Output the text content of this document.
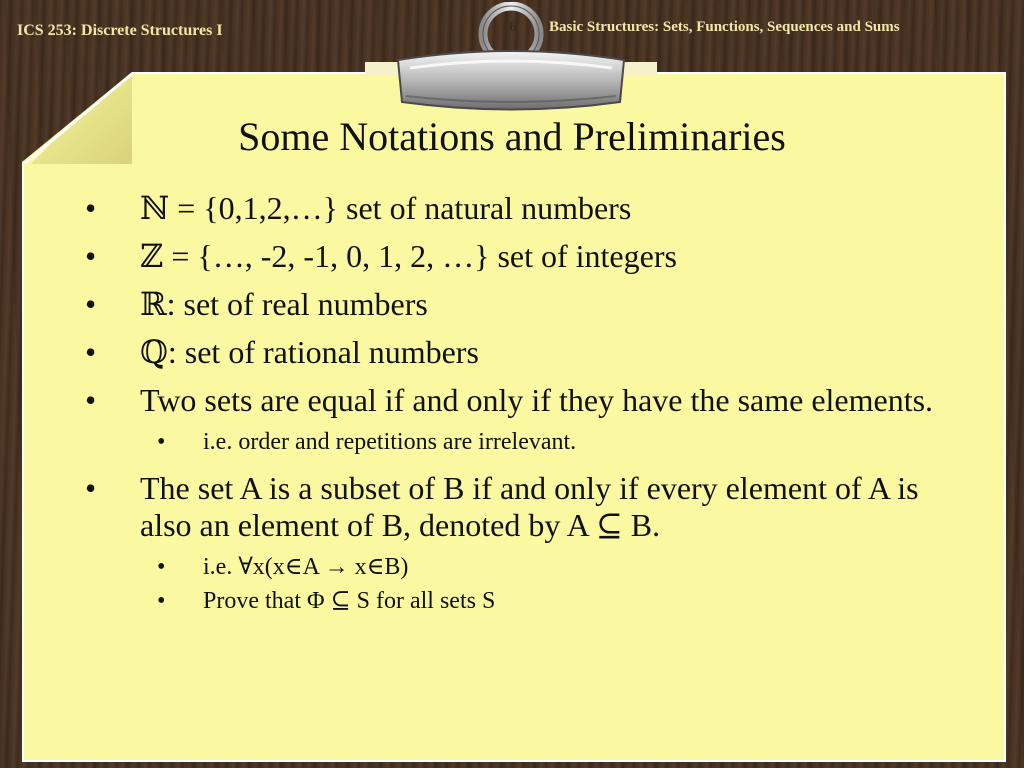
ICS 253: Discrete Structures I	6	Basic Structures: Sets, Functions, Sequences and Sums
Some Notations and Preliminaries
• ℕ = {0,1,2,…} set of natural numbers
• ℤ = {…, -2, -1, 0, 1, 2, …} set of integers
• ℝ: set of real numbers
• ℚ: set of rational numbers
• Two sets are equal if and only if they have the same elements.
• i.e. order and repetitions are irrelevant.
• The set A is a subset of B if and only if every element of A is also an element of B, denoted by A ⊆ B.
• i.e. ∀x(x∈A → x∈B)
• Prove that Φ ⊆ S for all sets S
